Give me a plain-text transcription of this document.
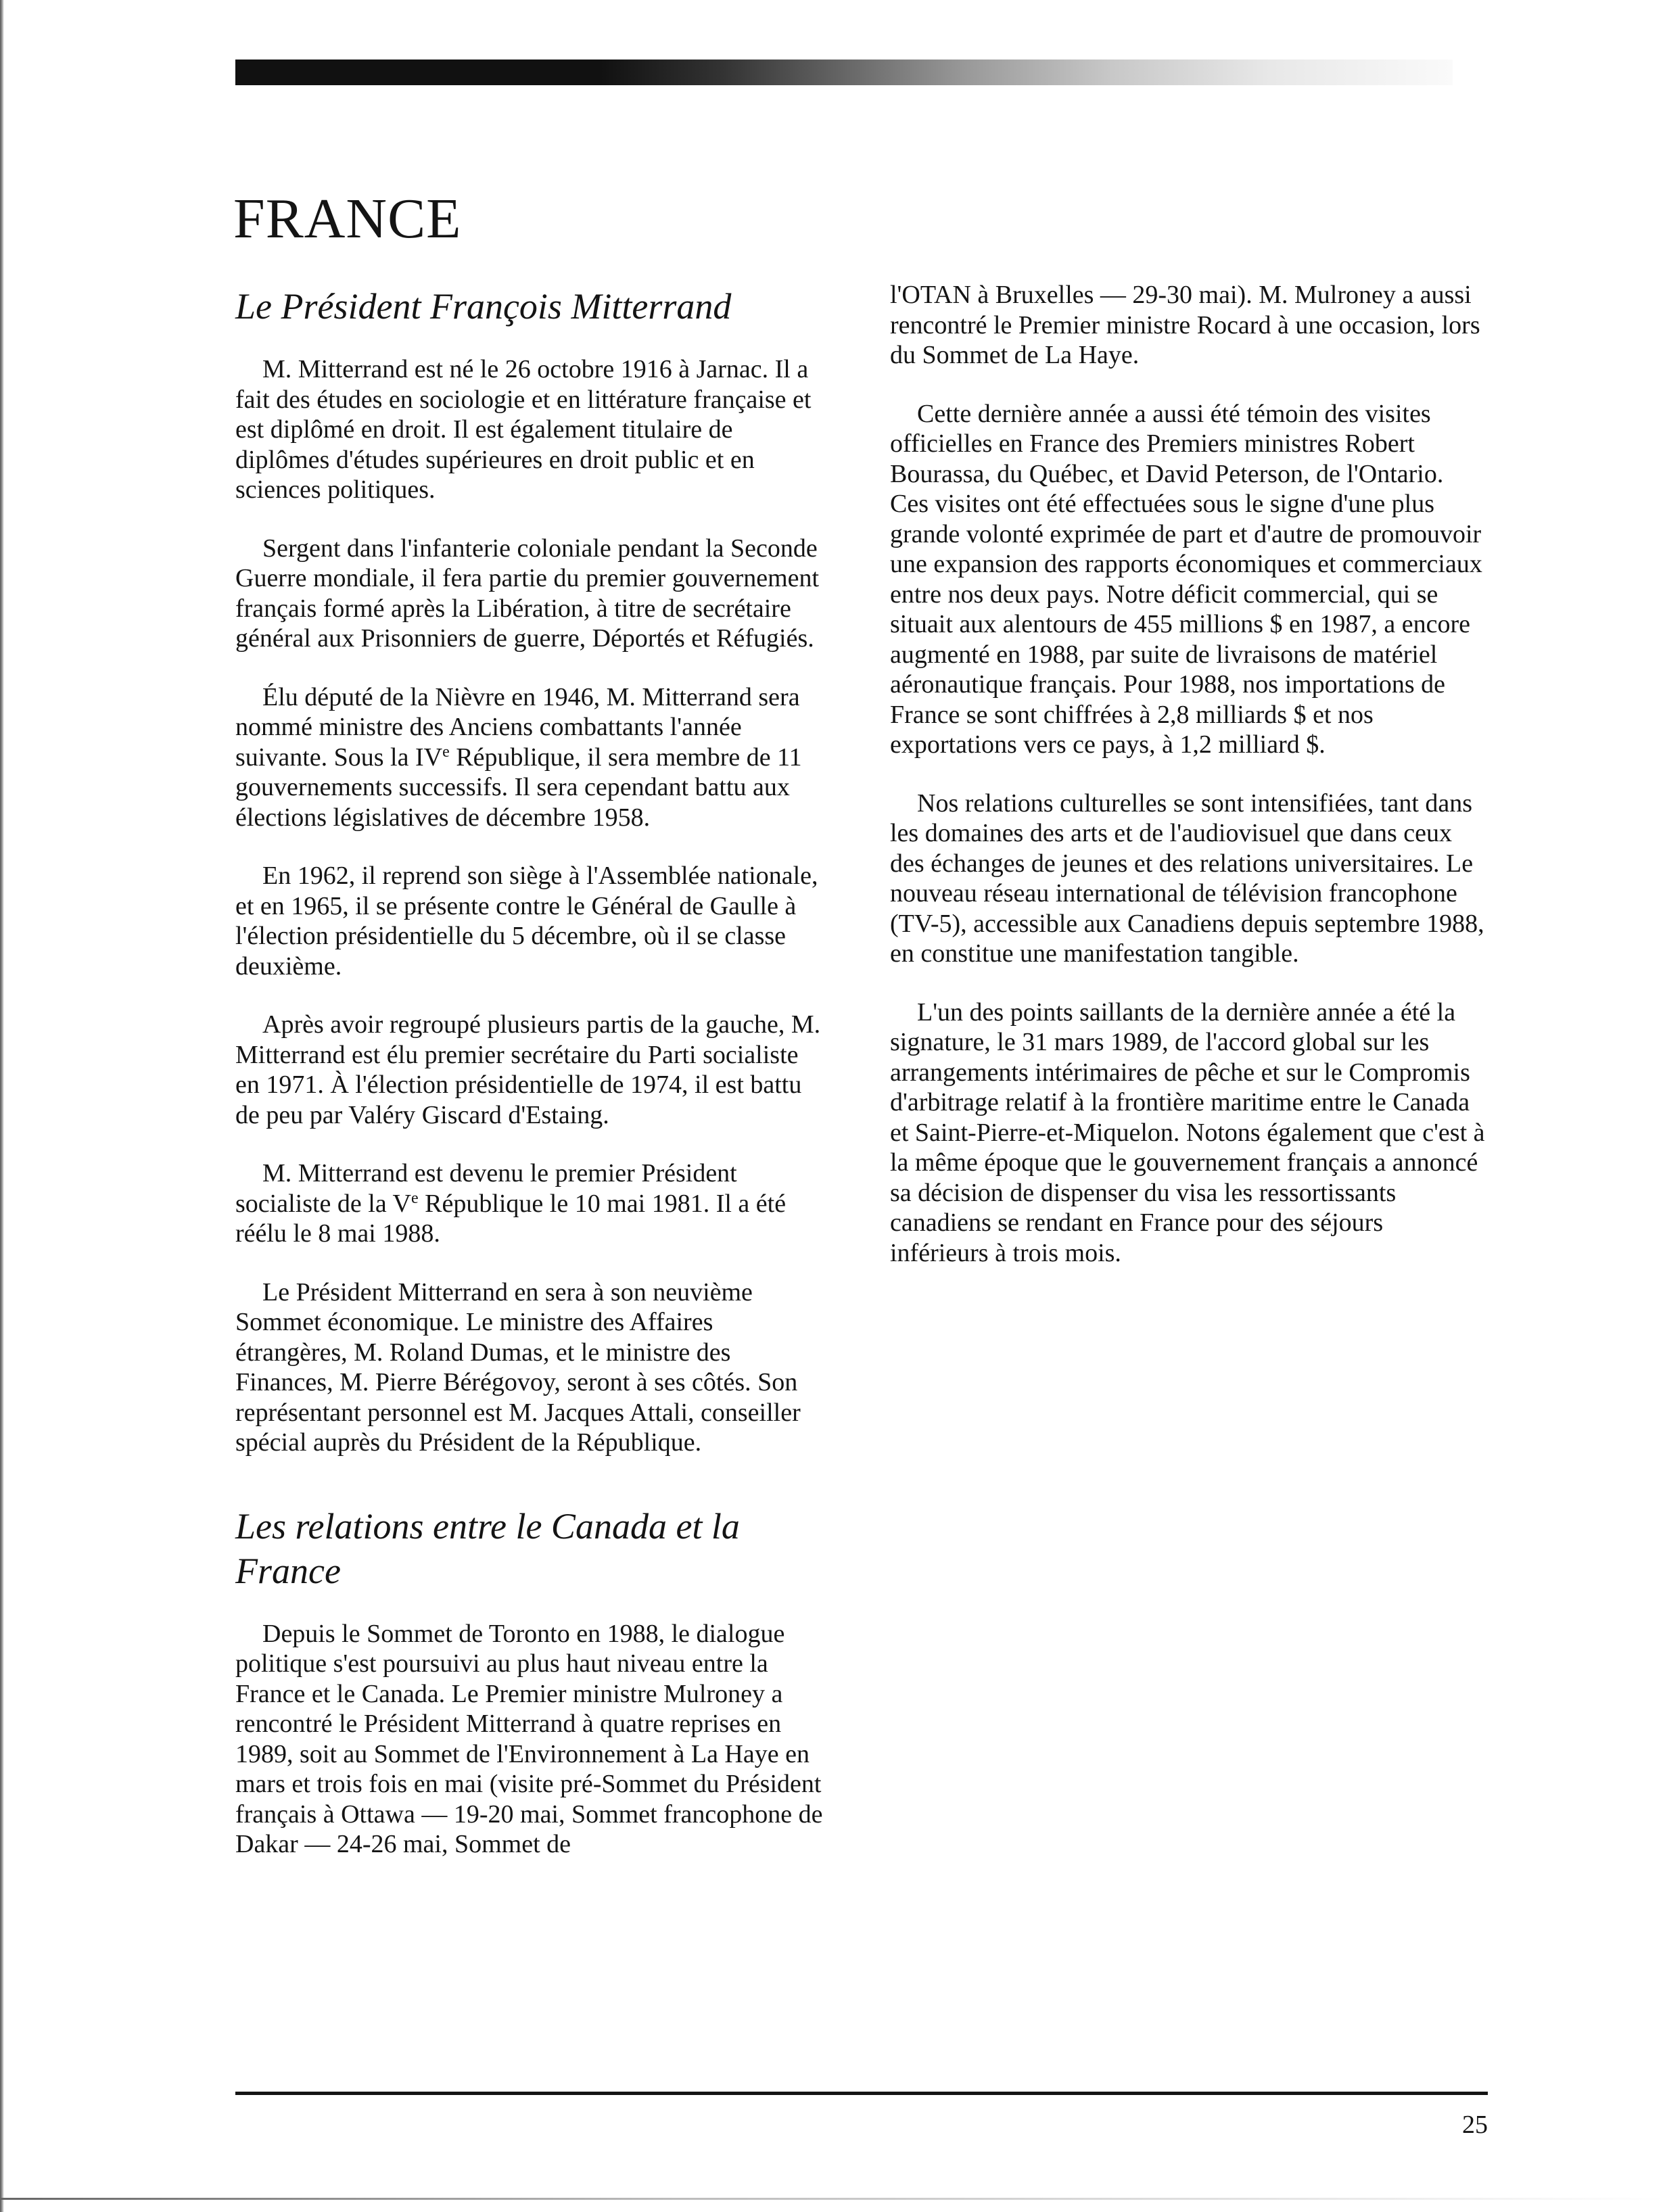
FRANCE
Le Président François Mitterrand

M. Mitterrand est né le 26 octobre 1916 à Jarnac. Il a fait des études en sociologie et en littérature française et est diplômé en droit. Il est également titulaire de diplômes d'études supérieures en droit public et en sciences politiques.

Sergent dans l'infanterie coloniale pendant la Seconde Guerre mondiale, il fera partie du premier gouvernement français formé après la Libération, à titre de secrétaire général aux Prisonniers de guerre, Déportés et Réfugiés.

Élu député de la Nièvre en 1946, M. Mitterrand sera nommé ministre des Anciens combattants l'année suivante. Sous la IVe République, il sera membre de 11 gouvernements successifs. Il sera cependant battu aux élections législatives de décembre 1958.

En 1962, il reprend son siège à l'Assemblée nationale, et en 1965, il se présente contre le Général de Gaulle à l'élection présidentielle du 5 décembre, où il se classe deuxième.

Après avoir regroupé plusieurs partis de la gauche, M. Mitterrand est élu premier secrétaire du Parti socialiste en 1971. À l'élection présidentielle de 1974, il est battu de peu par Valéry Giscard d'Estaing.

M. Mitterrand est devenu le premier Président socialiste de la Ve République le 10 mai 1981. Il a été réélu le 8 mai 1988.

Le Président Mitterrand en sera à son neuvième Sommet économique. Le ministre des Affaires étrangères, M. Roland Dumas, et le ministre des Finances, M. Pierre Bérégovoy, seront à ses côtés. Son représentant personnel est M. Jacques Attali, conseiller spécial auprès du Président de la République.

Les relations entre le Canada et la France

Depuis le Sommet de Toronto en 1988, le dialogue politique s'est poursuivi au plus haut niveau entre la France et le Canada. Le Premier ministre Mulroney a rencontré le Président Mitterrand à quatre reprises en 1989, soit au Sommet de l'Environnement à La Haye en mars et trois fois en mai (visite pré-Sommet du Président français à Ottawa — 19-20 mai, Sommet francophone de Dakar — 24-26 mai, Sommet de

l'OTAN à Bruxelles — 29-30 mai). M. Mulroney a aussi rencontré le Premier ministre Rocard à une occasion, lors du Sommet de La Haye.

Cette dernière année a aussi été témoin des visites officielles en France des Premiers ministres Robert Bourassa, du Québec, et David Peterson, de l'Ontario. Ces visites ont été effectuées sous le signe d'une plus grande volonté exprimée de part et d'autre de promouvoir une expansion des rapports économiques et commerciaux entre nos deux pays. Notre déficit commercial, qui se situait aux alentours de 455 millions $ en 1987, a encore augmenté en 1988, par suite de livraisons de matériel aéronautique français. Pour 1988, nos importations de France se sont chiffrées à 2,8 milliards $ et nos exportations vers ce pays, à 1,2 milliard $.

Nos relations culturelles se sont intensifiées, tant dans les domaines des arts et de l'audiovisuel que dans ceux des échanges de jeunes et des relations universitaires. Le nouveau réseau international de télévision francophone (TV-5), accessible aux Canadiens depuis septembre 1988, en constitue une manifestation tangible.

L'un des points saillants de la dernière année a été la signature, le 31 mars 1989, de l'accord global sur les arrangements intérimaires de pêche et sur le Compromis d'arbitrage relatif à la frontière maritime entre le Canada et Saint-Pierre-et-Miquelon. Notons également que c'est à la même époque que le gouvernement français a annoncé sa décision de dispenser du visa les ressortissants canadiens se rendant en France pour des séjours inférieurs à trois mois.

25
